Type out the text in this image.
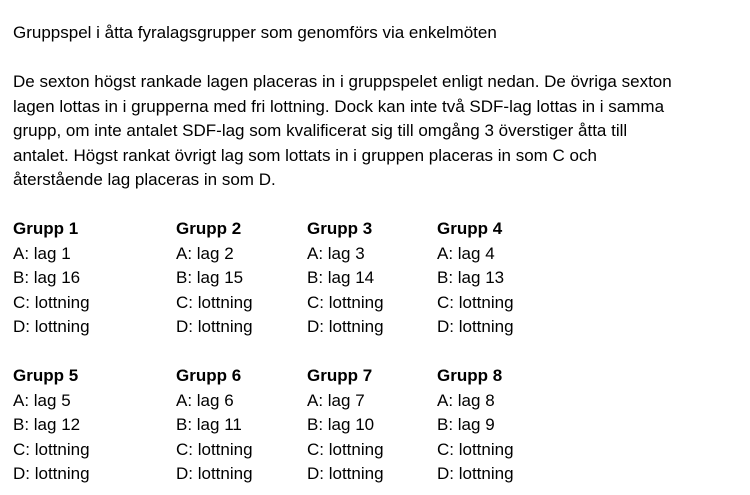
Gruppspel i åtta fyralagsgrupper som genomförs via enkelmöten
De sexton högst rankade lagen placeras in i gruppspelet enligt nedan. De övriga sexton
lagen lottas in i grupperna med fri lottning. Dock kan inte två SDF-lag lottas in i samma
grupp, om inte antalet SDF-lag som kvalificerat sig till omgång 3 överstiger åtta till
antalet. Högst rankat övrigt lag som lottats in i gruppen placeras in som C och
återstående lag placeras in som D.
Grupp 1
A: lag 1
B: lag 16
C: lottning
D: lottning
Grupp 2
A: lag 2
B: lag 15
C: lottning
D: lottning
Grupp 3
A: lag 3
B: lag 14
C: lottning
D: lottning
Grupp 4
A: lag 4
B: lag 13
C: lottning
D: lottning
Grupp 5
A: lag 5
B: lag 12
C: lottning
D: lottning
Grupp 6
A: lag 6
B: lag 11
C: lottning
D: lottning
Grupp 7
A: lag 7
B: lag 10
C: lottning
D: lottning
Grupp 8
A: lag 8
B: lag 9
C: lottning
D: lottning
